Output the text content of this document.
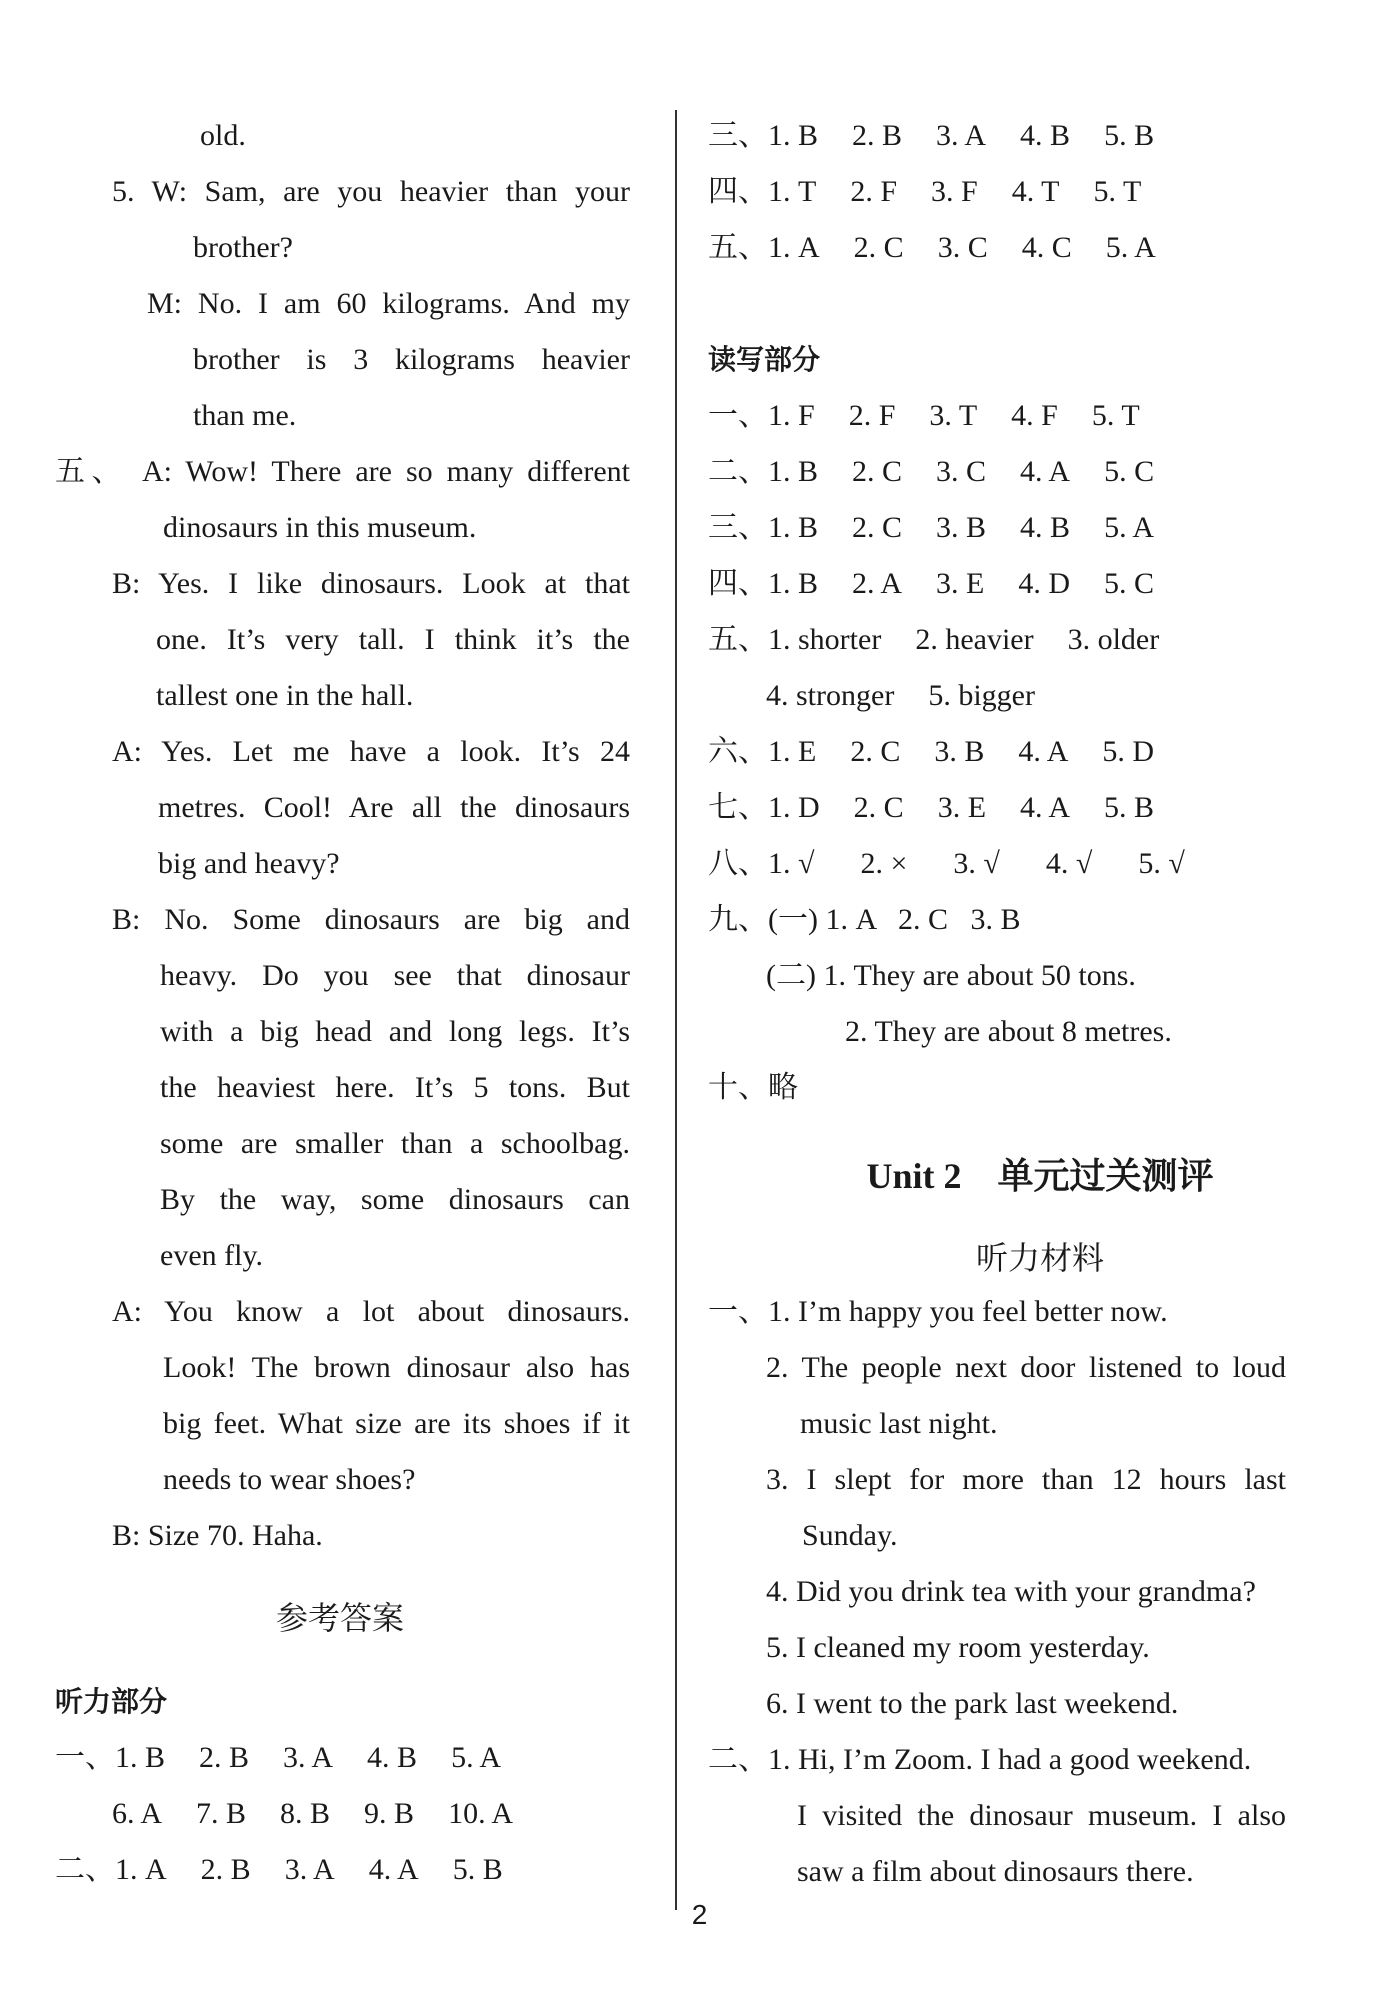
old.
5. W: Sam, are you heavier than your
brother?
M: No. I am 60 kilograms. And my
brother is 3 kilograms heavier
than me.
五、 A: Wow! There are so many different
dinosaurs in this museum.
B: Yes. I like dinosaurs. Look at that
one. It’s very tall. I think it’s the
tallest one in the hall.
A: Yes. Let me have a look. It’s 24
metres. Cool! Are all the dinosaurs
big and heavy?
B: No. Some dinosaurs are big and
heavy. Do you see that dinosaur
with a big head and long legs. It’s
the heaviest here. It’s 5 tons. But
some are smaller than a schoolbag.
By the way, some dinosaurs can
even fly.
A: You know a lot about dinosaurs.
Look! The brown dinosaur also has
big feet. What size are its shoes if it
needs to wear shoes?
B: Size 70. Haha.
参考答案
听力部分
一、1. B 2. B 3. A 4. B 5. A
6. A 7. B 8. B 9. B 10. A
二、1. A 2. B 3. A 4. A 5. B
三、1. B 2. B 3. A 4. B 5. B
四、1. T 2. F 3. F 4. T 5. T
五、1. A 2. C 3. C 4. C 5. A
读写部分
一、1. F 2. F 3. T 4. F 5. T
二、1. B 2. C 3. C 4. A 5. C
三、1. B 2. C 3. B 4. B 5. A
四、1. B 2. A 3. E 4. D 5. C
五、1. shorter 2. heavier 3. older
4. stronger 5. bigger
六、1. E 2. C 3. B 4. A 5. D
七、1. D 2. C 3. E 4. A 5. B
八、1. √ 2. × 3. √ 4. √ 5. √
九、(一) 1. A   2. C   3. B
(二) 1. They are about 50 tons.
2. They are about 8 metres.
十、略
Unit 2    单元过关测评
听力材料
一、1. I’m happy you feel better now.
2. The people next door listened to loud
music last night.
3. I slept for more than 12 hours last
Sunday.
4. Did you drink tea with your grandma?
5. I cleaned my room yesterday.
6. I went to the park last weekend.
二、1. Hi, I’m Zoom. I had a good weekend.
I visited the dinosaur museum. I also
saw a film about dinosaurs there.
2
